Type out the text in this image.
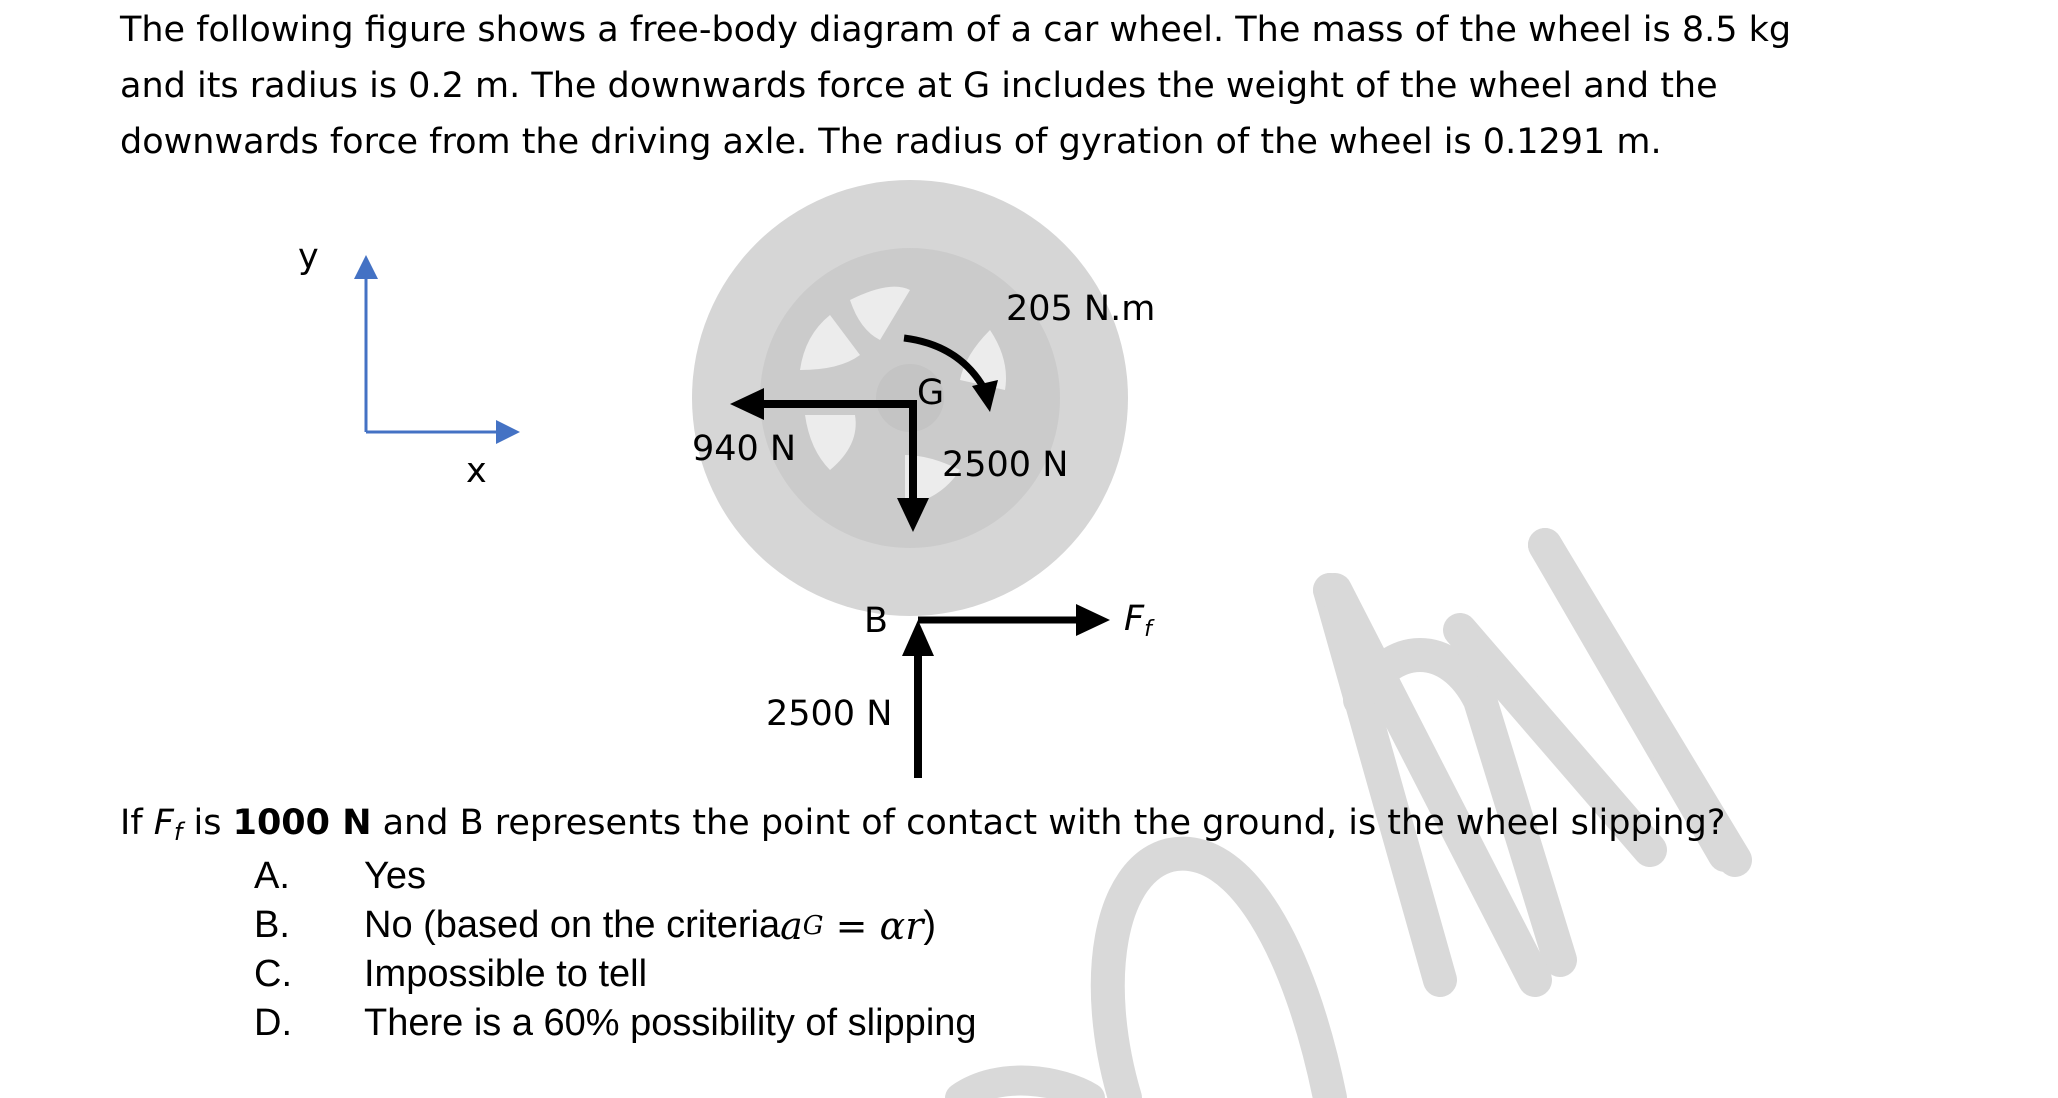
The following figure shows a free-body diagram of a car wheel. The mass of the wheel is 8.5 kg and its radius is 0.2 m. The downwards force at G includes the weight of the wheel and the downwards force from the driving axle. The radius of gyration of the wheel is 0.1291 m.

y
x
205 N.m
G
940 N	2500 N
Ff
B
2500 N

If $F_f$ is 1000 N and B represents the point of contact with the ground, is the wheel slipping?

A.	Yes
B.	No (based on the criteria a G = αr )
C.	Impossible to tell
D.	There is a 60% possibility of slipping
